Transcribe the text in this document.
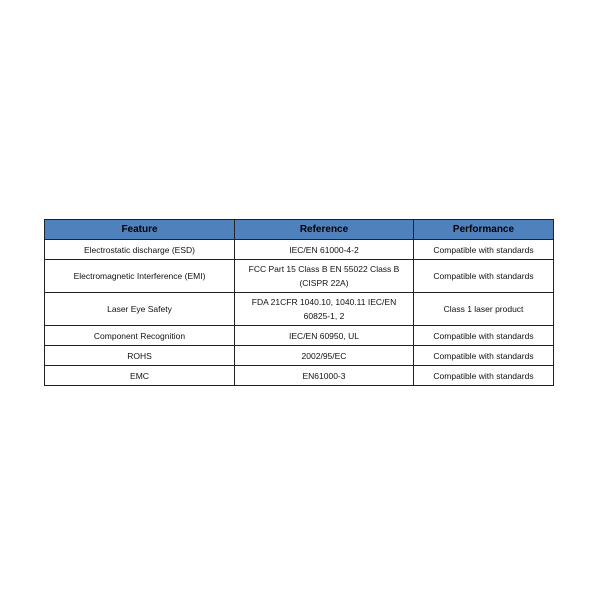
Feature	Reference	Performance
Electrostatic discharge (ESD)	IEC/EN 61000-4-2	Compatible with standards
Electromagnetic Interference (EMI)	FCC Part 15 Class B EN 55022 Class B (CISPR 22A)	Compatible with standards
Laser Eye Safety	FDA 21CFR 1040.10, 1040.11 IEC/EN 60825-1, 2	Class 1 laser product
Component Recognition	IEC/EN 60950, UL	Compatible with standards
ROHS	2002/95/EC	Compatible with standards
EMC	EN61000-3	Compatible with standards
